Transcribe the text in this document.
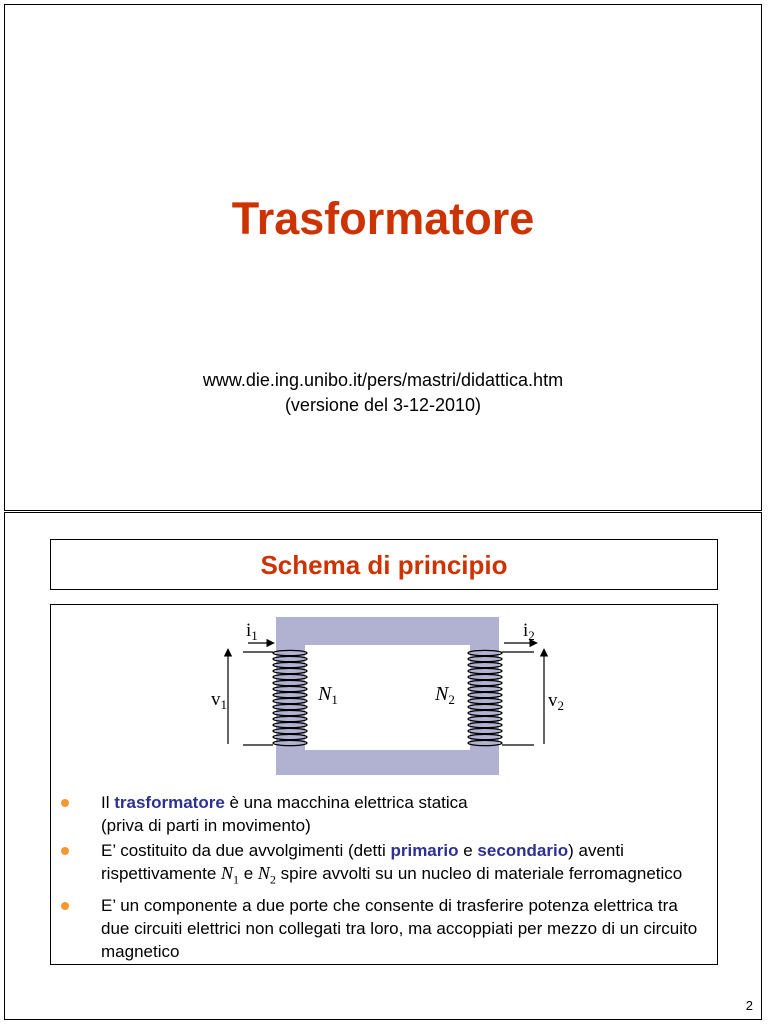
Trasformatore
www.die.ing.unibo.it/pers/mastri/didattica.htm
(versione del 3-12-2010)
Schema di principio
$i_1$	$i_2$
$v_1$	$v_2$
$N_1$	$N_2$
Il trasformatore è una macchina elettrica statica
(priva di parti in movimento)
E’ costituito da due avvolgimenti (detti primario e secondario) aventi rispettivamente $N_1$ e $N_2$ spire avvolti su un nucleo di materiale ferromagnetico
E’ un componente a due porte che consente di trasferire potenza elettrica tra due circuiti elettrici non collegati tra loro, ma accoppiati per mezzo di un circuito magnetico
2
